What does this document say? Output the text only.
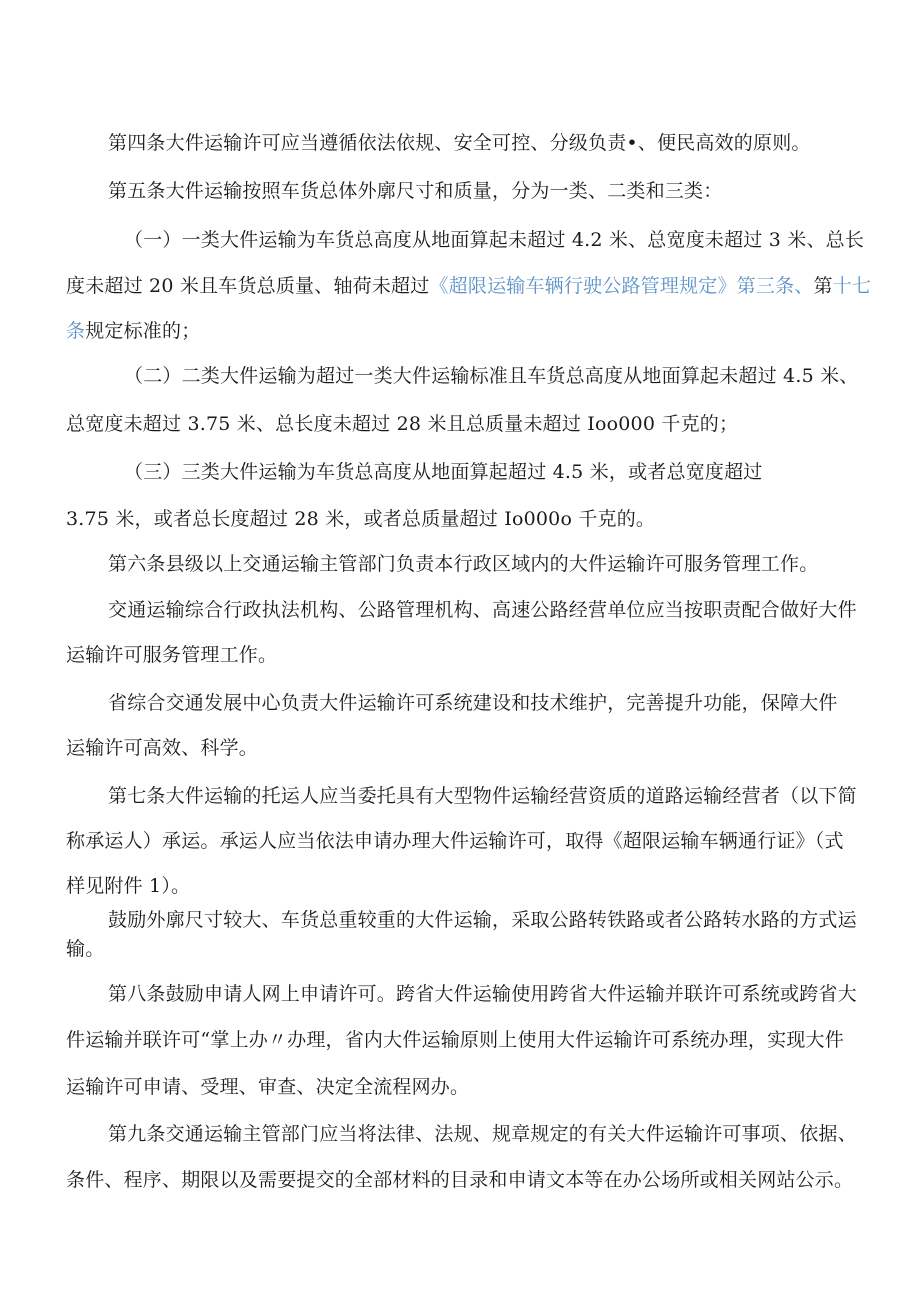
第四条大件运输许可应当遵循依法依规、安全可控、分级负责•、便民高效的原则。
第五条大件运输按照车货总体外廓尺寸和质量，分为一类、二类和三类：
（一）一类大件运输为车货总高度从地面算起未超过 4.2 米、总宽度未超过 3 米、总长
度未超过 20 米且车货总质量、轴荷未超过《超限运输车辆行驶公路管理规定》第三条、第十七
条规定标准的；
（二）二类大件运输为超过一类大件运输标准且车货总高度从地面算起未超过 4.5 米、
总宽度未超过 3.75 米、总长度未超过 28 米且总质量未超过 Ioo000 千克的；
（三）三类大件运输为车货总高度从地面算起超过 4.5 米，或者总宽度超过
3.75 米，或者总长度超过 28 米，或者总质量超过 Io000o 千克的。
第六条县级以上交通运输主管部门负责本行政区域内的大件运输许可服务管理工作。
交通运输综合行政执法机构、公路管理机构、高速公路经营单位应当按职责配合做好大件
运输许可服务管理工作。
省综合交通发展中心负责大件运输许可系统建设和技术维护，完善提升功能，保障大件
运输许可高效、科学。
第七条大件运输的托运人应当委托具有大型物件运输经营资质的道路运输经营者（以下简
称承运人）承运。承运人应当依法申请办理大件运输许可，取得《超限运输车辆通行证》（式
样见附件 1）。
鼓励外廓尺寸较大、车货总重较重的大件运输，采取公路转铁路或者公路转水路的方式运
输。
第八条鼓励申请人网上申请许可。跨省大件运输使用跨省大件运输并联许可系统或跨省大
件运输并联许可“掌上办〃办理，省内大件运输原则上使用大件运输许可系统办理，实现大件
运输许可申请、受理、审查、决定全流程网办。
第九条交通运输主管部门应当将法律、法规、规章规定的有关大件运输许可事项、依据、
条件、程序、期限以及需要提交的全部材料的目录和申请文本等在办公场所或相关网站公示。
